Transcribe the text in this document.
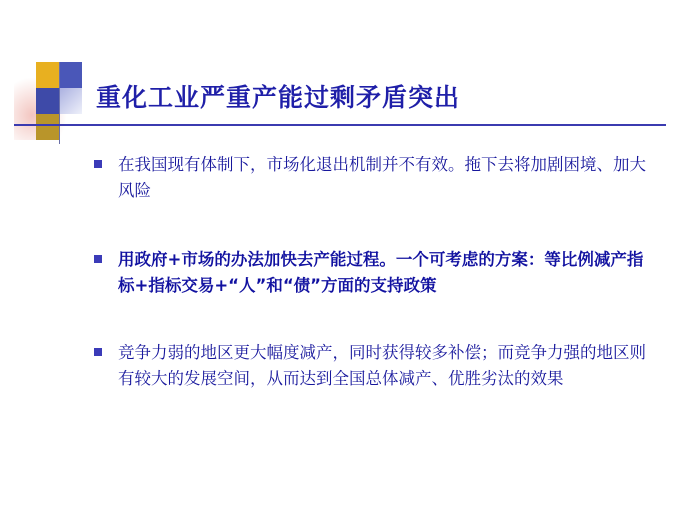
重化工业严重产能过剩矛盾突出
在我国现有体制下，市场化退出机制并不有效。拖下去将加剧困境、加大风险
用政府+市场的办法加快去产能过程。一个可考虑的方案：等比例减产指标+指标交易+“人”和“债”方面的支持政策
竞争力弱的地区更大幅度减产，同时获得较多补偿；而竞争力强的地区则有较大的发展空间，从而达到全国总体减产、优胜劣汰的效果
